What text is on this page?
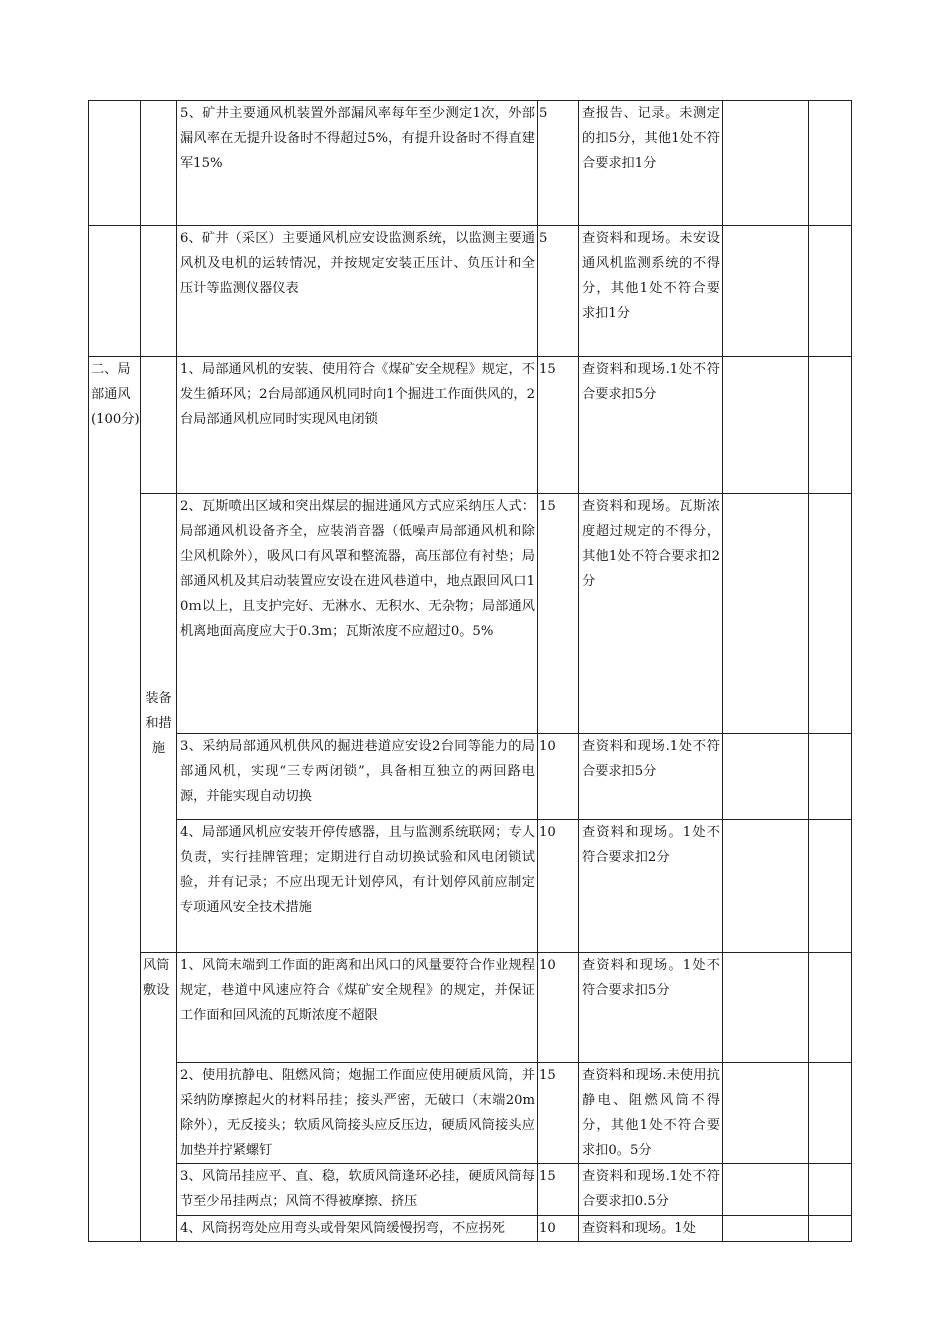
		5、矿井主要通风机装置外部漏风率每年至少测定1次，外部漏风率在无提升设备时不得超过5%，有提升设备时不得直建军15%	5	查报告、记录。未测定的扣5分，其他1处不符合要求扣1分		
		6、矿井（采区）主要通风机应安设监测系统，以监测主要通风机及电机的运转情况，并按规定安装正压计、负压计和全压计等监测仪器仪表	5	查资料和现场。未安设通风机监测系统的不得分，其他1处不符合要求扣1分		
二、局部通风(100分)		1、局部通风机的安装、使用符合《煤矿安全规程》规定，不发生循环风；2台局部通风机同时向1个掘进工作面供风的，2台局部通风机应同时实现风电闭锁	15	查资料和现场.1处不符合要求扣5分		
	装备和措施	2、瓦斯喷出区域和突出煤层的掘进通风方式应采纳压人式：局部通风机设备齐全，应装消音器（低噪声局部通风机和除尘风机除外），吸风口有风罩和整流器，高压部位有衬垫；局部通风机及其启动装置应安设在进风巷道中，地点跟回风口10ｍ以上，且支护完好、无淋水、无积水、无杂物；局部通风机离地面高度应大于0.3m；瓦斯浓度不应超过0。5%	15	查资料和现场。瓦斯浓度超过规定的不得分，其他1处不符合要求扣2分		
		3、采纳局部通风机供风的掘进巷道应安设2台同等能力的局部通风机，实现“三专两闭锁”，具备相互独立的两回路电源，并能实现自动切换	10	查资料和现场.1处不符合要求扣5分		
		4、局部通风机应安装开停传感器，且与监测系统联网；专人负责，实行挂牌管理；定期进行自动切换试验和风电闭锁试验，并有记录；不应出现无计划停风，有计划停风前应制定专项通风安全技术措施	10	查资料和现场。1处不符合要求扣2分		
	风筒敷设	1、风筒末端到工作面的距离和出风口的风量要符合作业规程规定，巷道中风速应符合《煤矿安全规程》的规定，并保证工作面和回风流的瓦斯浓度不超限	10	查资料和现场。1处不符合要求扣5分		
		2、使用抗静电、阻燃风筒；炮掘工作面应使用硬质风筒，并采纳防摩擦起火的材料吊挂；接头严密，无破口（末端20m除外），无反接头；软质风筒接头应反压边，硬质风筒接头应加垫并拧紧螺钉	15	查资料和现场.未使用抗静电、阻燃风筒不得分，其他1处不符合要求扣0。5分		
		3、风筒吊挂应平、直、稳，软质风筒逢环必挂，硬质风筒每节至少吊挂两点；风筒不得被摩擦、挤压	15	查资料和现场.1处不符合要求扣0.5分		

		4、风筒拐弯处应用弯头或骨架风筒缓慢拐弯，不应拐死	10	查资料和现场。1处		
